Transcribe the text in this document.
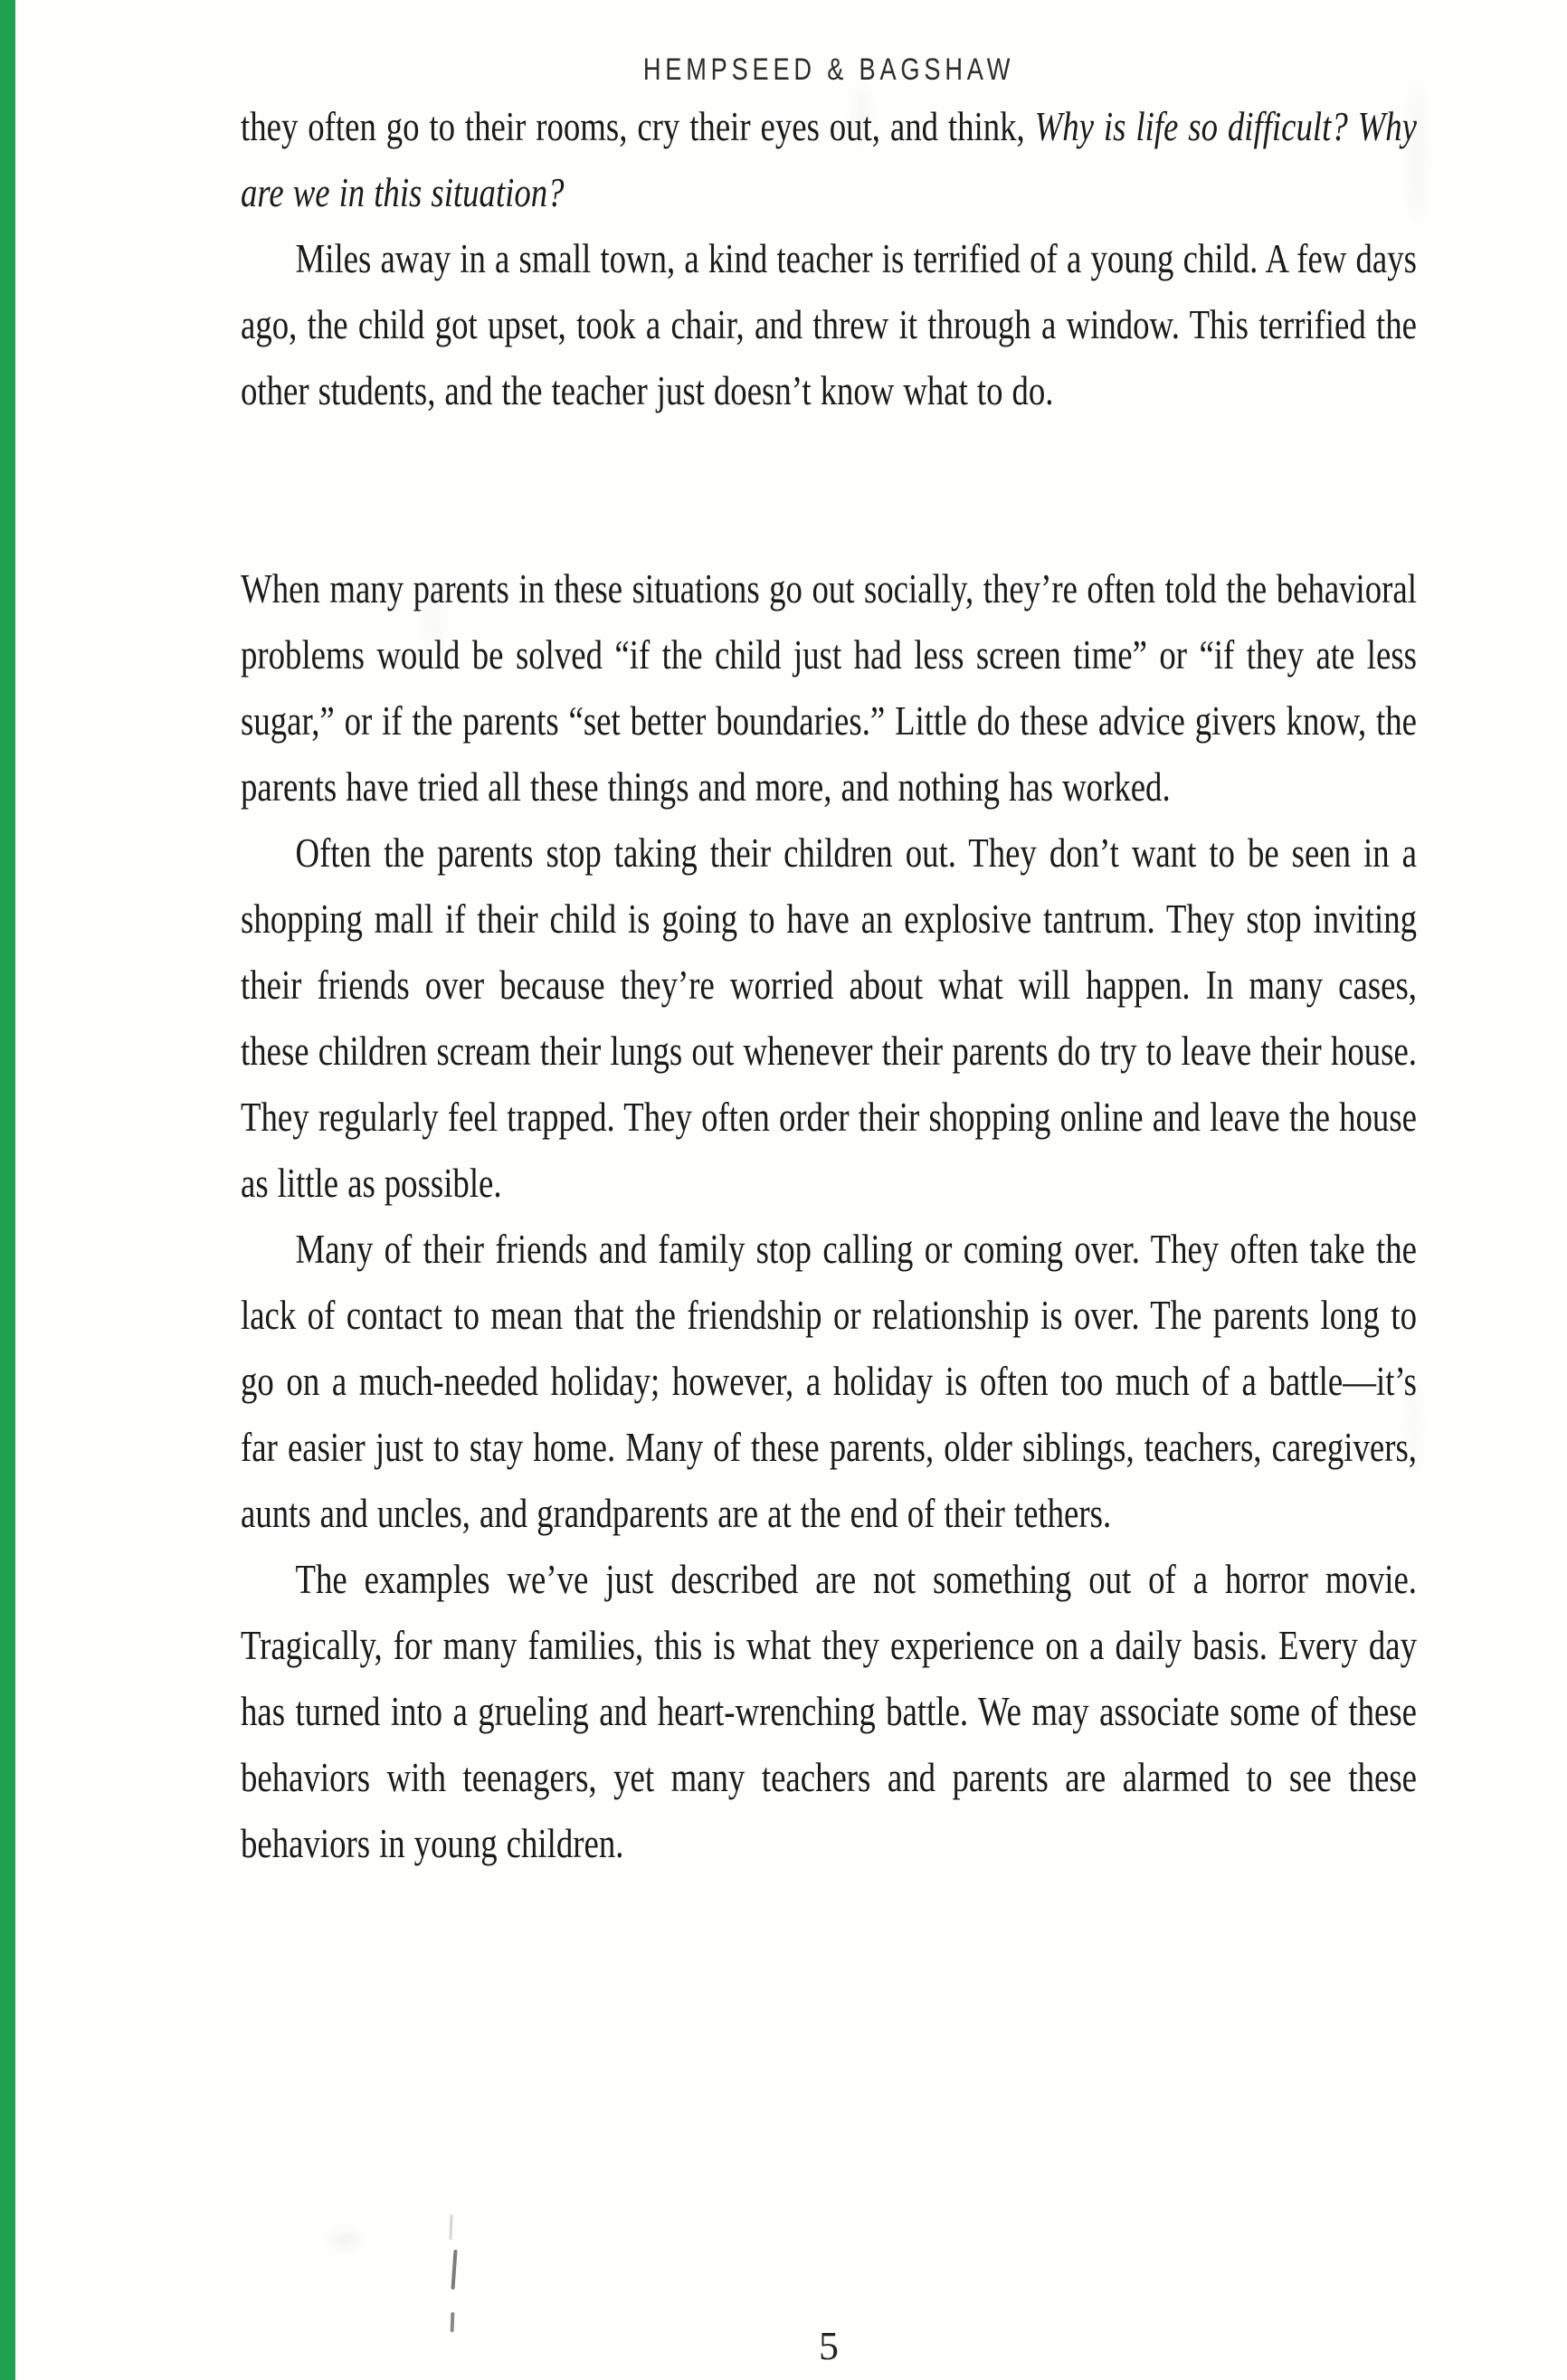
HEMPSEED & BAGSHAW

they often go to their rooms, cry their eyes out, and think, Why is life so difficult? Why are we in this situation?

Miles away in a small town, a kind teacher is terrified of a young child. A few days ago, the child got upset, took a chair, and threw it through a window. This terrified the other students, and the teacher just doesn’t know what to do.

When many parents in these situations go out socially, they’re often told the behavioral problems would be solved “if the child just had less screen time” or “if they ate less sugar,” or if the parents “set better boundaries.” Little do these advice givers know, the parents have tried all these things and more, and nothing has worked.

Often the parents stop taking their children out. They don’t want to be seen in a shopping mall if their child is going to have an explosive tantrum. They stop inviting their friends over because they’re worried about what will happen. In many cases, these children scream their lungs out whenever their parents do try to leave their house. They regularly feel trapped. They often order their shopping online and leave the house as little as possible.

Many of their friends and family stop calling or coming over. They often take the lack of contact to mean that the friendship or relationship is over. The parents long to go on a much-needed holiday; however, a holiday is often too much of a battle—it’s far easier just to stay home. Many of these parents, older siblings, teachers, caregivers, aunts and uncles, and grandparents are at the end of their tethers.

The examples we’ve just described are not something out of a horror movie. Tragically, for many families, this is what they experience on a daily basis. Every day has turned into a grueling and heart-wrenching battle. We may associate some of these behaviors with teenagers, yet many teachers and parents are alarmed to see these behaviors in young children.

5
